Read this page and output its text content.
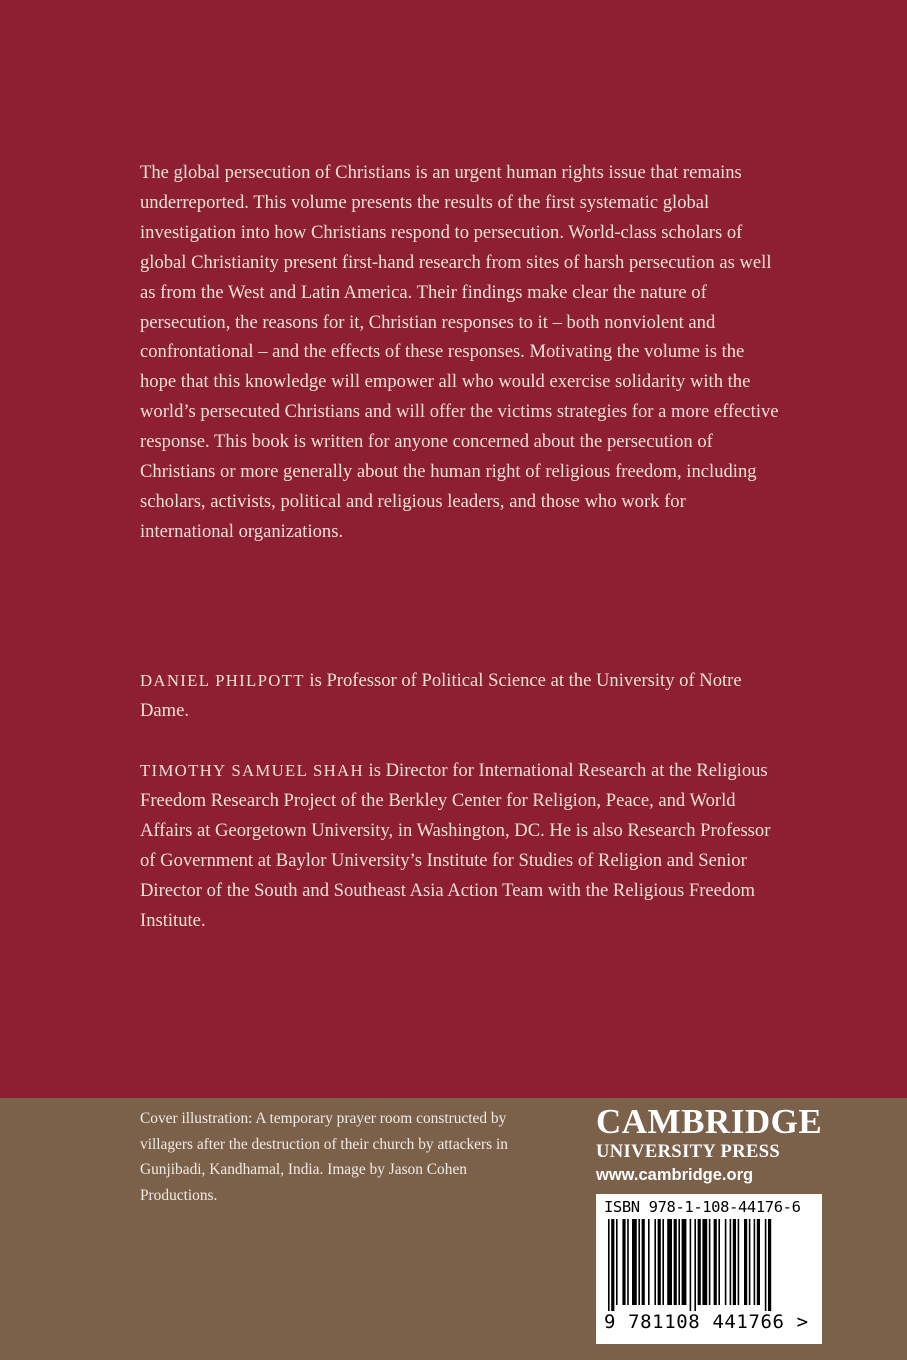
The global persecution of Christians is an urgent human rights issue that remains underreported. This volume presents the results of the first systematic global investigation into how Christians respond to persecution. World-class scholars of global Christianity present first-hand research from sites of harsh persecution as well as from the West and Latin America. Their findings make clear the nature of persecution, the reasons for it, Christian responses to it – both nonviolent and confrontational – and the effects of these responses. Motivating the volume is the hope that this knowledge will empower all who would exercise solidarity with the world’s persecuted Christians and will offer the victims strategies for a more effective response. This book is written for anyone concerned about the persecution of Christians or more generally about the human right of religious freedom, including scholars, activists, political and religious leaders, and those who work for international organizations.

DANIEL PHILPOTT is Professor of Political Science at the University of Notre Dame.

TIMOTHY SAMUEL SHAH is Director for International Research at the Religious Freedom Research Project of the Berkley Center for Religion, Peace, and World Affairs at Georgetown University, in Washington, DC. He is also Research Professor of Government at Baylor University’s Institute for Studies of Religion and Senior Director of the South and Southeast Asia Action Team with the Religious Freedom Institute.

Cover illustration: A temporary prayer room constructed by villagers after the destruction of their church by attackers in Gunjibadi, Kandhamal, India. Image by Jason Cohen Productions.

CAMBRIDGE
UNIVERSITY PRESS
www.cambridge.org
ISBN 978-1-108-44176-6
9 781108 441766 >
